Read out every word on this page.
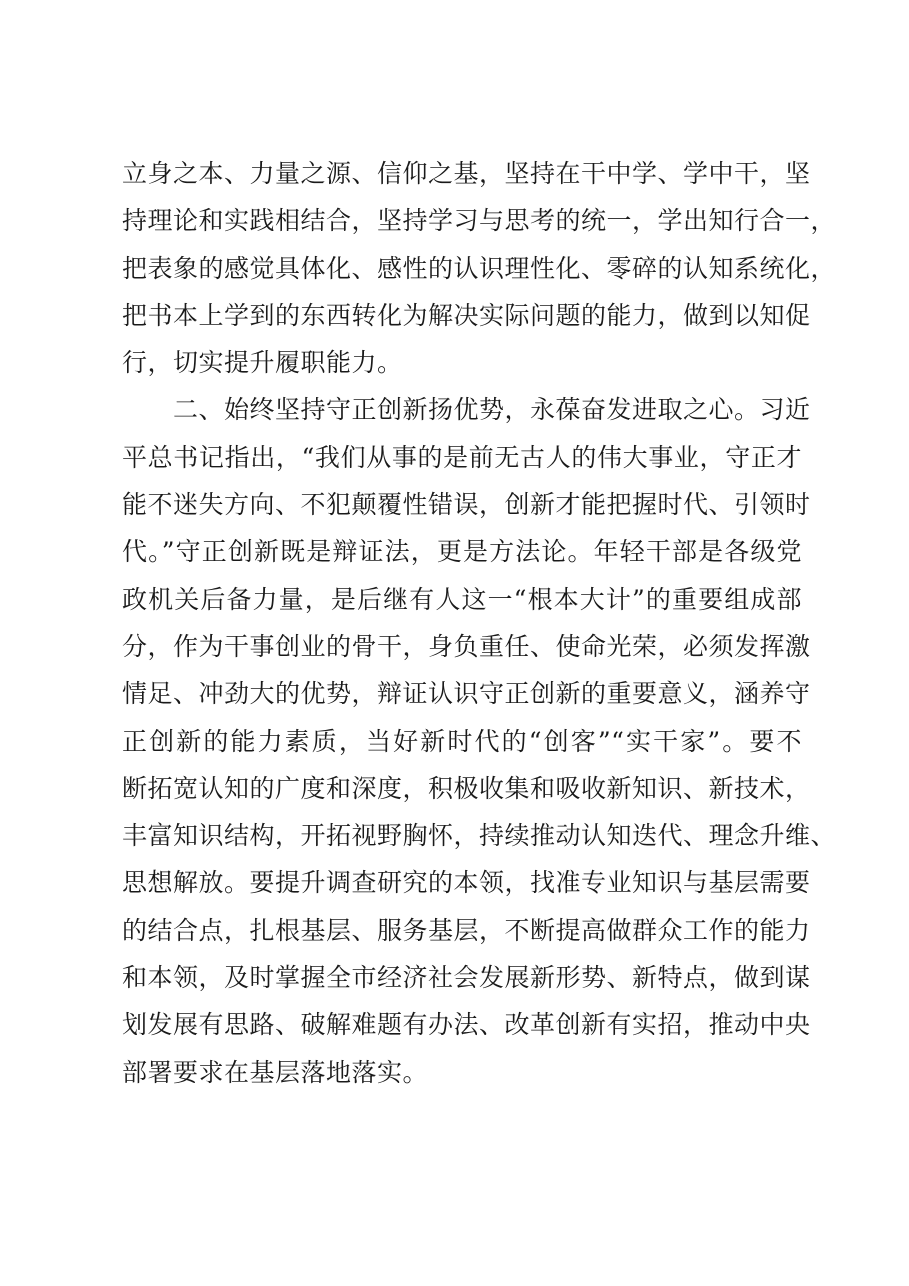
立身之本、力量之源、信仰之基，坚持在干中学、学中干，坚
持理论和实践相结合，坚持学习与思考的统一，学出知行合一，
把表象的感觉具体化、感性的认识理性化、零碎的认知系统化，
把书本上学到的东西转化为解决实际问题的能力，做到以知促
行，切实提升履职能力。
　　二、始终坚持守正创新扬优势，永葆奋发进取之心。习近
平总书记指出，“我们从事的是前无古人的伟大事业，守正才
能不迷失方向、不犯颠覆性错误，创新才能把握时代、引领时
代。”守正创新既是辩证法，更是方法论。年轻干部是各级党
政机关后备力量，是后继有人这一“根本大计”的重要组成部
分，作为干事创业的骨干，身负重任、使命光荣，必须发挥激
情足、冲劲大的优势，辩证认识守正创新的重要意义，涵养守
正创新的能力素质，当好新时代的“创客”“实干家”。要不
断拓宽认知的广度和深度，积极收集和吸收新知识、新技术，
丰富知识结构，开拓视野胸怀，持续推动认知迭代、理念升维、
思想解放。要提升调查研究的本领，找准专业知识与基层需要
的结合点，扎根基层、服务基层，不断提高做群众工作的能力
和本领，及时掌握全市经济社会发展新形势、新特点，做到谋
划发展有思路、破解难题有办法、改革创新有实招，推动中央
部署要求在基层落地落实。
